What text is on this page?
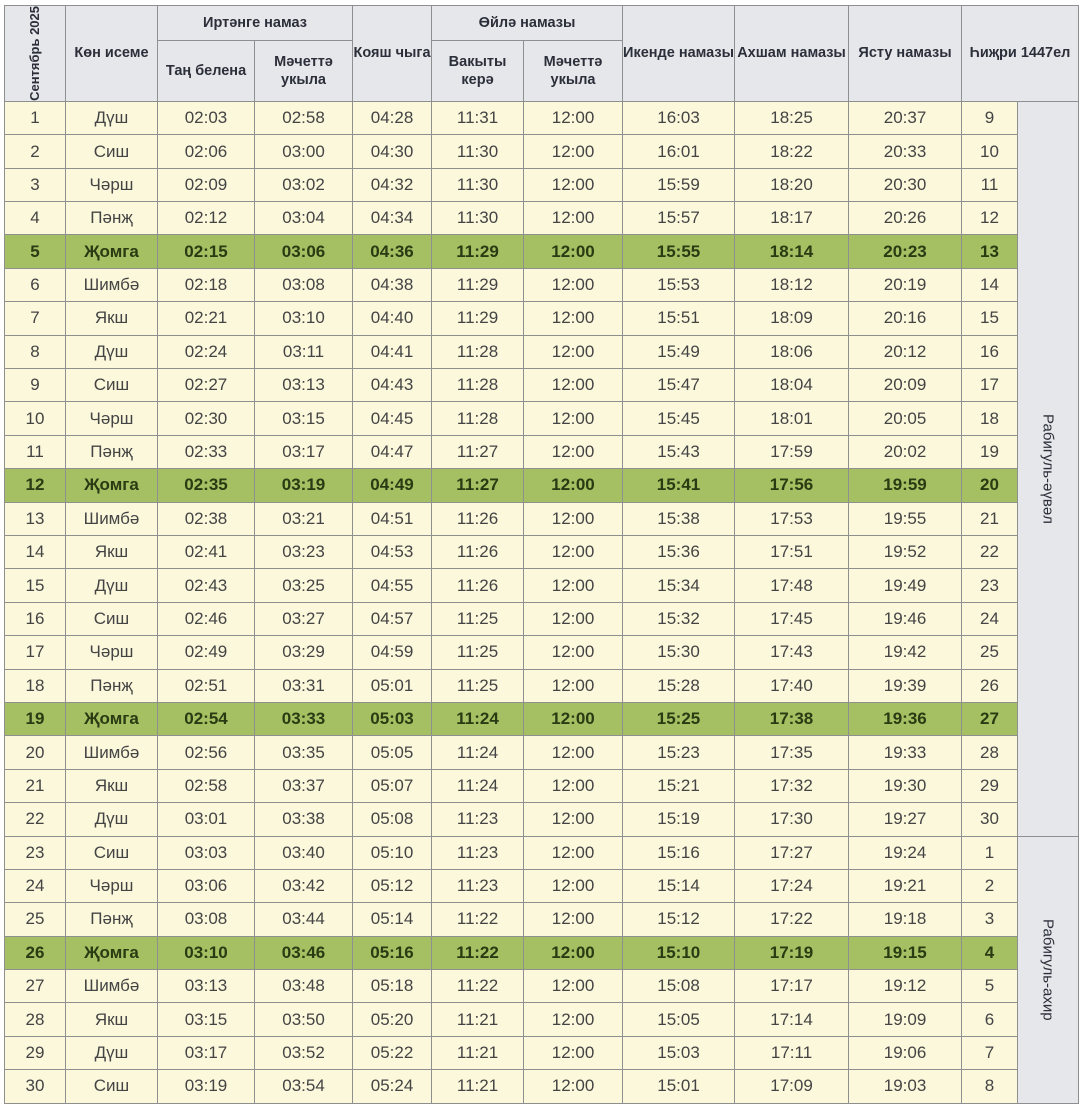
Сентябрь 2025	Көн исеме	Иртәнге намаз		Кояш чыга	Өйлә намазы		Икенде намазы	Ахшам намазы	Ясту намазы	Һиҗри 1447ел	
		Таң белена	Мәчеттә укыла		Вакыты керә	Мәчеттә укыла					
1	Дүш	02:03	02:58	04:28	11:31	12:00	16:03	18:25	20:37	9	Рабигуль-әүвәл

2	Сиш	02:06	03:00	04:30	11:30	12:00	16:01	18:22	20:33	10	
3	Чәрш	02:09	03:02	04:32	11:30	12:00	15:59	18:20	20:30	11	
4	Пәнҗ	02:12	03:04	04:34	11:30	12:00	15:57	18:17	20:26	12	
5	Җомга	02:15	03:06	04:36	11:29	12:00	15:55	18:14	20:23	13	
6	Шимбә	02:18	03:08	04:38	11:29	12:00	15:53	18:12	20:19	14	
7	Якш	02:21	03:10	04:40	11:29	12:00	15:51	18:09	20:16	15	
8	Дүш	02:24	03:11	04:41	11:28	12:00	15:49	18:06	20:12	16	
9	Сиш	02:27	03:13	04:43	11:28	12:00	15:47	18:04	20:09	17	
10	Чәрш	02:30	03:15	04:45	11:28	12:00	15:45	18:01	20:05	18	
11	Пәнҗ	02:33	03:17	04:47	11:27	12:00	15:43	17:59	20:02	19	
12	Җомга	02:35	03:19	04:49	11:27	12:00	15:41	17:56	19:59	20	
13	Шимбә	02:38	03:21	04:51	11:26	12:00	15:38	17:53	19:55	21	
14	Якш	02:41	03:23	04:53	11:26	12:00	15:36	17:51	19:52	22	
15	Дүш	02:43	03:25	04:55	11:26	12:00	15:34	17:48	19:49	23	
16	Сиш	02:46	03:27	04:57	11:25	12:00	15:32	17:45	19:46	24	
17	Чәрш	02:49	03:29	04:59	11:25	12:00	15:30	17:43	19:42	25	
18	Пәнҗ	02:51	03:31	05:01	11:25	12:00	15:28	17:40	19:39	26	
19	Җомга	02:54	03:33	05:03	11:24	12:00	15:25	17:38	19:36	27	
20	Шимбә	02:56	03:35	05:05	11:24	12:00	15:23	17:35	19:33	28	
21	Якш	02:58	03:37	05:07	11:24	12:00	15:21	17:32	19:30	29	
22	Дүш	03:01	03:38	05:08	11:23	12:00	15:19	17:30	19:27	30	
23	Сиш	03:03	03:40	05:10	11:23	12:00	15:16	17:27	19:24	1	Рабигуль-ахир

24	Чәрш	03:06	03:42	05:12	11:23	12:00	15:14	17:24	19:21	2	
25	Пәнҗ	03:08	03:44	05:14	11:22	12:00	15:12	17:22	19:18	3	
26	Җомга	03:10	03:46	05:16	11:22	12:00	15:10	17:19	19:15	4	
27	Шимбә	03:13	03:48	05:18	11:22	12:00	15:08	17:17	19:12	5	
28	Якш	03:15	03:50	05:20	11:21	12:00	15:05	17:14	19:09	6	
29	Дүш	03:17	03:52	05:22	11:21	12:00	15:03	17:11	19:06	7	
30	Сиш	03:19	03:54	05:24	11:21	12:00	15:01	17:09	19:03	8	
